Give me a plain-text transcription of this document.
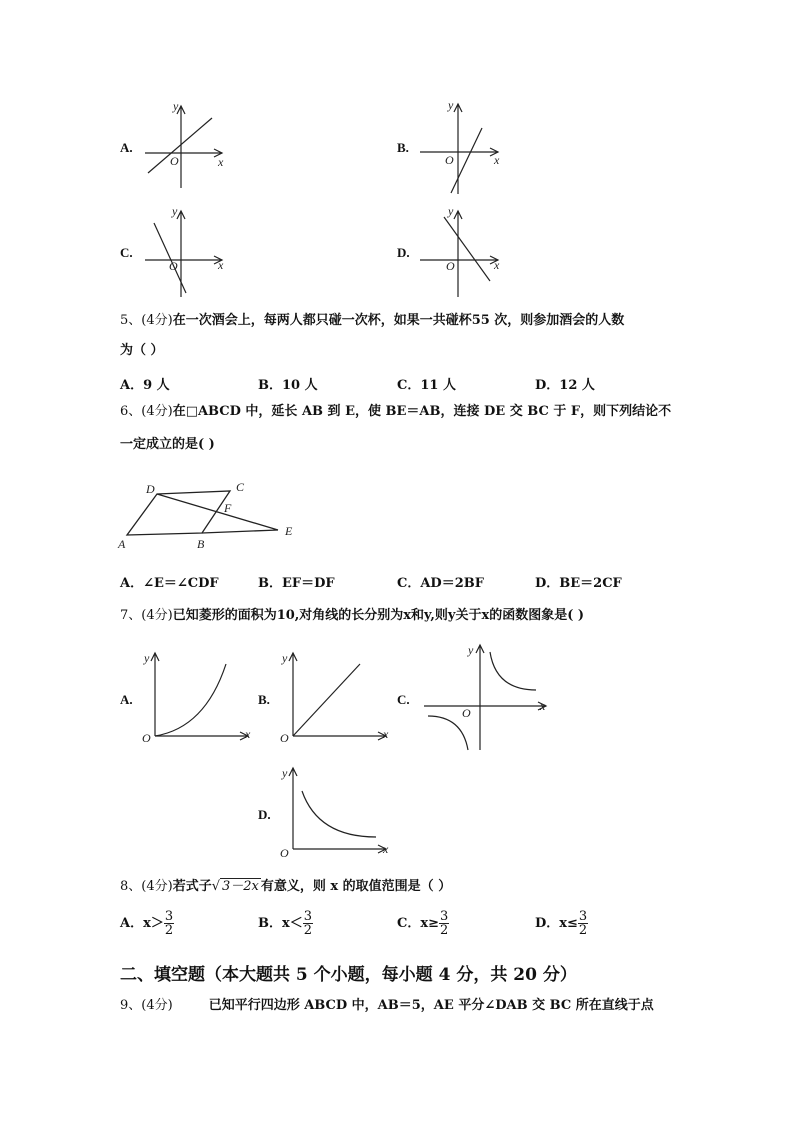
A.
y
x
O
B.
y
x
O
C.
y
x
O
D.
y
x
O
5、(4分)在一次酒会上，每两人都只碰一次杯，如果一共碰杯55 次，则参加酒会的人数
为（ ）
A．9 人	B．10 人	C．11 人	D．12 人
6、(4分)在□ABCD 中，延长 AB 到 E，使 BE＝AB，连接 DE 交 BC 于 F，则下列结论不
一定成立的是( )
D	C
F
E
A	B
A．∠E＝∠CDF	B．EF＝DF	C．AD＝2BF	D．BE＝2CF
7、(4分)已知菱形的面积为10,对角线的长分别为x和y,则y关于x的函数图象是( )
A.
y
x
O
B.
y
x
O
C.
y
x
O
D.
y
x
O
8、(4分)若式子√ 3－2x 有意义，则 x 的取值范围是（ ）
A．$x> \frac{3}{2}$	B．$x< \frac{3}{2}$	C．$x\ge \frac{3}{2}$	D．$x\le \frac{3}{2}$
二、填空题（本大题共 5 个小题，每小题 4 分，共 20 分）
9、(4分)	已知平行四边形 ABCD 中，AB＝5，AE 平分∠DAB 交 BC 所在直线于点
